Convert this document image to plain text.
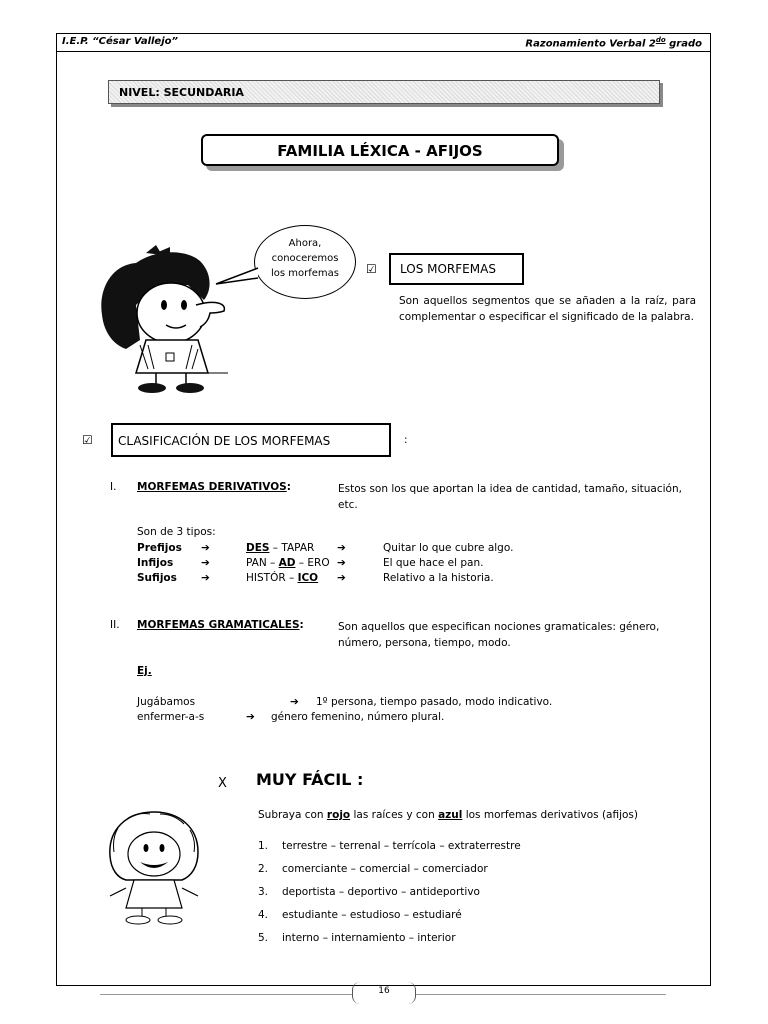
I.E.P. “César Vallejo”	Razonamiento Verbal $2^{do}$ grado
NIVEL: SECUNDARIA
FAMILIA LÉXICA - AFIJOS
Ahora,
conoceremos
los morfemas	☑	LOS MORFEMAS
Son aquellos segmentos que se añaden a la raíz, para complementar o especificar el significado de la palabra.
☑	CLASIFICACIÓN DE LOS MORFEMAS	:
I. MORFEMAS DERIVATIVOS:	Estos son los que aportan la idea de cantidad, tamaño, situación, etc.
Son de 3 tipos:
Prefijos ➔	DES – TAPAR ➔	Quitar lo que cubre algo.
Infijos	➔	PAN – AD – ERO ➔	El que hace el pan.
Sufijos ➔	HISTÓR – ICO ➔	Relativo a la historia.
II. MORFEMAS GRAMATICALES:	Son aquellos que especifican nociones gramaticales: género, número, persona, tiempo, modo.
Ej.
Jugábamos	➔ 1º persona, tiempo pasado, modo indicativo.
enfermer-a-s	➔ género femenino, número plural.
X MUY FÁCIL :
Subraya con rojo las raíces y con azul los morfemas derivativos (afijos)
1. terrestre – terrenal – terrícola – extraterrestre
2. comerciante – comercial – comerciador
3. deportista – deportivo – antideportivo
4. estudiante – estudioso – estudiaré
5. interno – internamiento – interior
16
